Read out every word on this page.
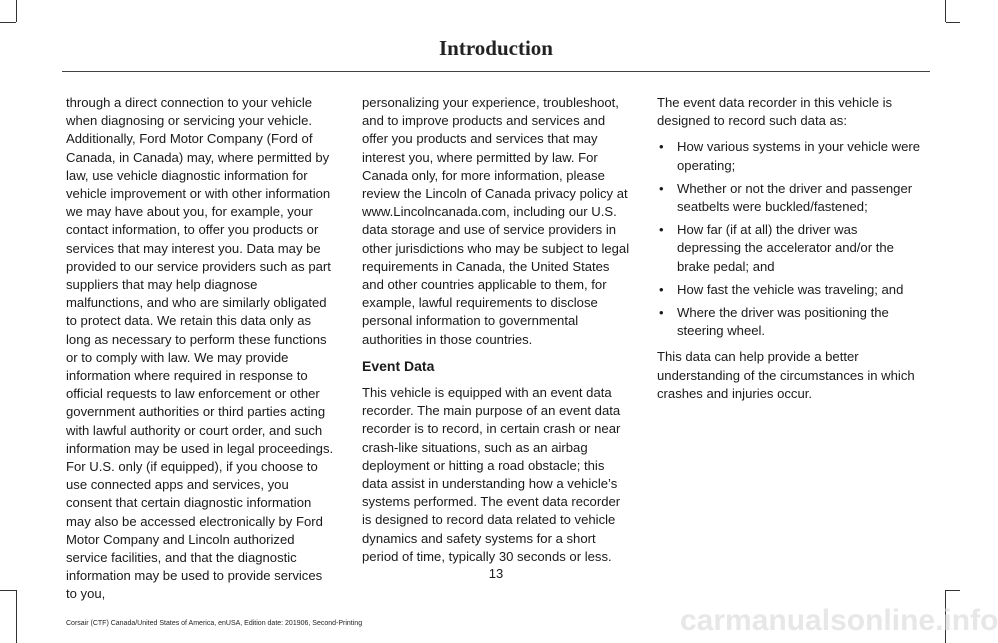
Introduction

through a direct connection to your vehicle when diagnosing or servicing your vehicle. Additionally, Ford Motor Company (Ford of Canada, in Canada) may, where permitted by law, use vehicle diagnostic information for vehicle improvement or with other information we may have about you, for example, your contact information, to offer you products or services that may interest you. Data may be provided to our service providers such as part suppliers that may help diagnose malfunctions, and who are similarly obligated to protect data. We retain this data only as long as necessary to perform these functions or to comply with law. We may provide information where required in response to official requests to law enforcement or other government authorities or third parties acting with lawful authority or court order, and such information may be used in legal proceedings. For U.S. only (if equipped), if you choose to use connected apps and services, you consent that certain diagnostic information may also be accessed electronically by Ford Motor Company and Lincoln authorized service facilities, and that the diagnostic information may be used to provide services to you,

personalizing your experience, troubleshoot, and to improve products and services and offer you products and services that may interest you, where permitted by law. For Canada only, for more information, please review the Lincoln of Canada privacy policy at www.Lincolncanada.com, including our U.S. data storage and use of service providers in other jurisdictions who may be subject to legal requirements in Canada, the United States and other countries applicable to them, for example, lawful requirements to disclose personal information to governmental authorities in those countries.

Event Data

This vehicle is equipped with an event data recorder. The main purpose of an event data recorder is to record, in certain crash or near crash-like situations, such as an airbag deployment or hitting a road obstacle; this data assist in understanding how a vehicle’s systems performed. The event data recorder is designed to record data related to vehicle dynamics and safety systems for a short period of time, typically 30 seconds or less.

The event data recorder in this vehicle is designed to record such data as:

• How various systems in your vehicle were operating;
• Whether or not the driver and passenger seatbelts were buckled/fastened;
• How far (if at all) the driver was depressing the accelerator and/or the brake pedal; and
• How fast the vehicle was traveling; and
• Where the driver was positioning the steering wheel.

This data can help provide a better understanding of the circumstances in which crashes and injuries occur.

13
Corsair (CTF) Canada/United States of America, enUSA, Edition date: 201906, Second-Printing	carmanualsonline.info
